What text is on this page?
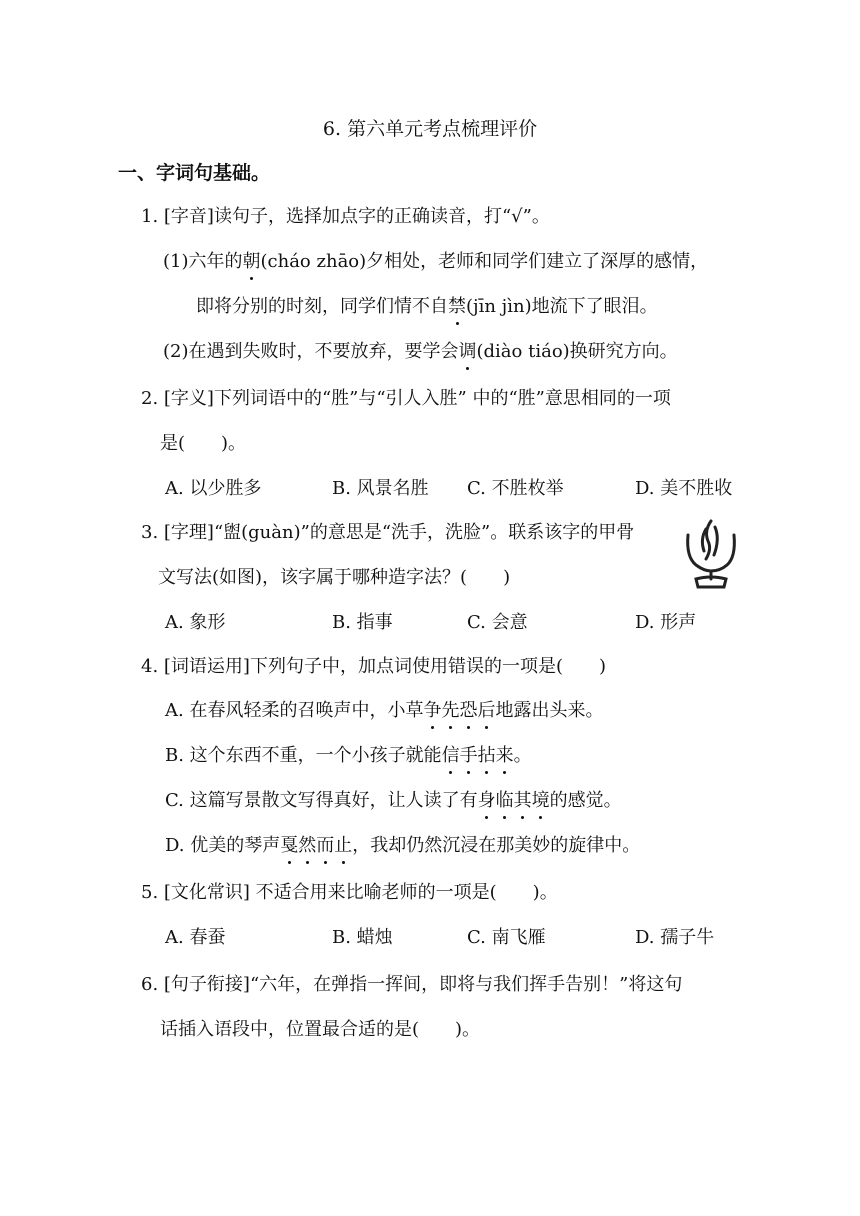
6. 第六单元考点梳理评价
一、字词句基础。
1. [字音]读句子，选择加点字的正确读音，打“√”。
(1)六年的朝(cháo zhāo)夕相处，老师和同学们建立了深厚的感情，
即将分别的时刻，同学们情不自禁(jīn jìn)地流下了眼泪。
(2)在遇到失败时，不要放弃，要学会调(diào tiáo)换研究方向。
2. [字义]下列词语中的“胜”与“引人入胜” 中的“胜”意思相同的一项
是(　　)。
A. 以少胜多	B. 风景名胜 C. 不胜枚举	D. 美不胜收
3. [字理]“盥(guàn)”的意思是“洗手，洗脸”。联系该字的甲骨
文写法(如图)，该字属于哪种造字法？(　　)
A. 象形	B. 指事	C. 会意	D. 形声
4. [词语运用]下列句子中，加点词使用错误的一项是(　　)
A. 在春风轻柔的召唤声中，小草争先恐后地露出头来。
B. 这个东西不重，一个小孩子就能信手拈来。
C. 这篇写景散文写得真好，让人读了有身临其境的感觉。
D. 优美的琴声戛然而止，我却仍然沉浸在那美妙的旋律中。
5. [文化常识] 不适合用来比喻老师的一项是(　　)。
A. 春蚕	B. 蜡烛	C. 南飞雁	D. 孺子牛
6. [句子衔接]“六年，在弹指一挥间，即将与我们挥手告别！”将这句
话插入语段中，位置最合适的是(　　)。
